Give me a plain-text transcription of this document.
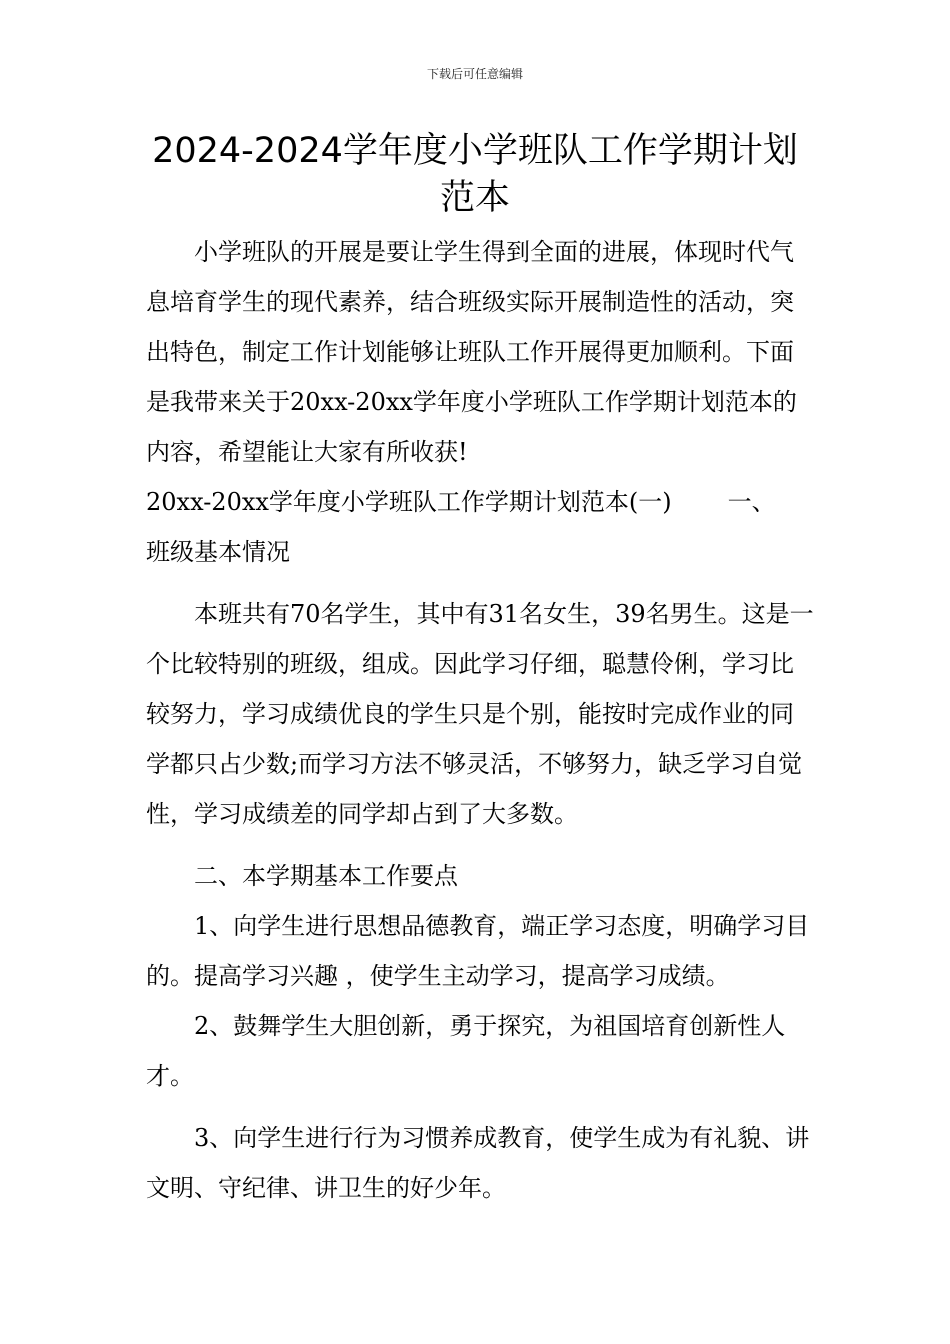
下载后可任意编辑
2024-2024学年度小学班队工作学期计划范本

小学班队的开展是要让学生得到全面的进展，体现时代气息培育学生的现代素养，结合班级实际开展制造性的活动，突出特色，制定工作计划能够让班队工作开展得更加顺利。下面是我带来关于20xx-20xx学年度小学班队工作学期计划范本的内容，希望能让大家有所收获!

20xx-20xx学年度小学班队工作学期计划范本(一) 一、

班级基本情况

本班共有70名学生，其中有31名女生，39名男生。这是一个比较特别的班级，组成。因此学习仔细，聪慧伶俐，学习比较努力，学习成绩优良的学生只是个别，能按时完成作业的同学都只占少数;而学习方法不够灵活，不够努力，缺乏学习自觉性，学习成绩差的同学却占到了大多数。

二、本学期基本工作要点

1、向学生进行思想品德教育，端正学习态度，明确学习目的。提高学习兴趣 ，使学生主动学习，提高学习成绩。

2、鼓舞学生大胆创新，勇于探究，为祖国培育创新性人才。

3、向学生进行行为习惯养成教育，使学生成为有礼貌、讲文明、守纪律、讲卫生的好少年。
